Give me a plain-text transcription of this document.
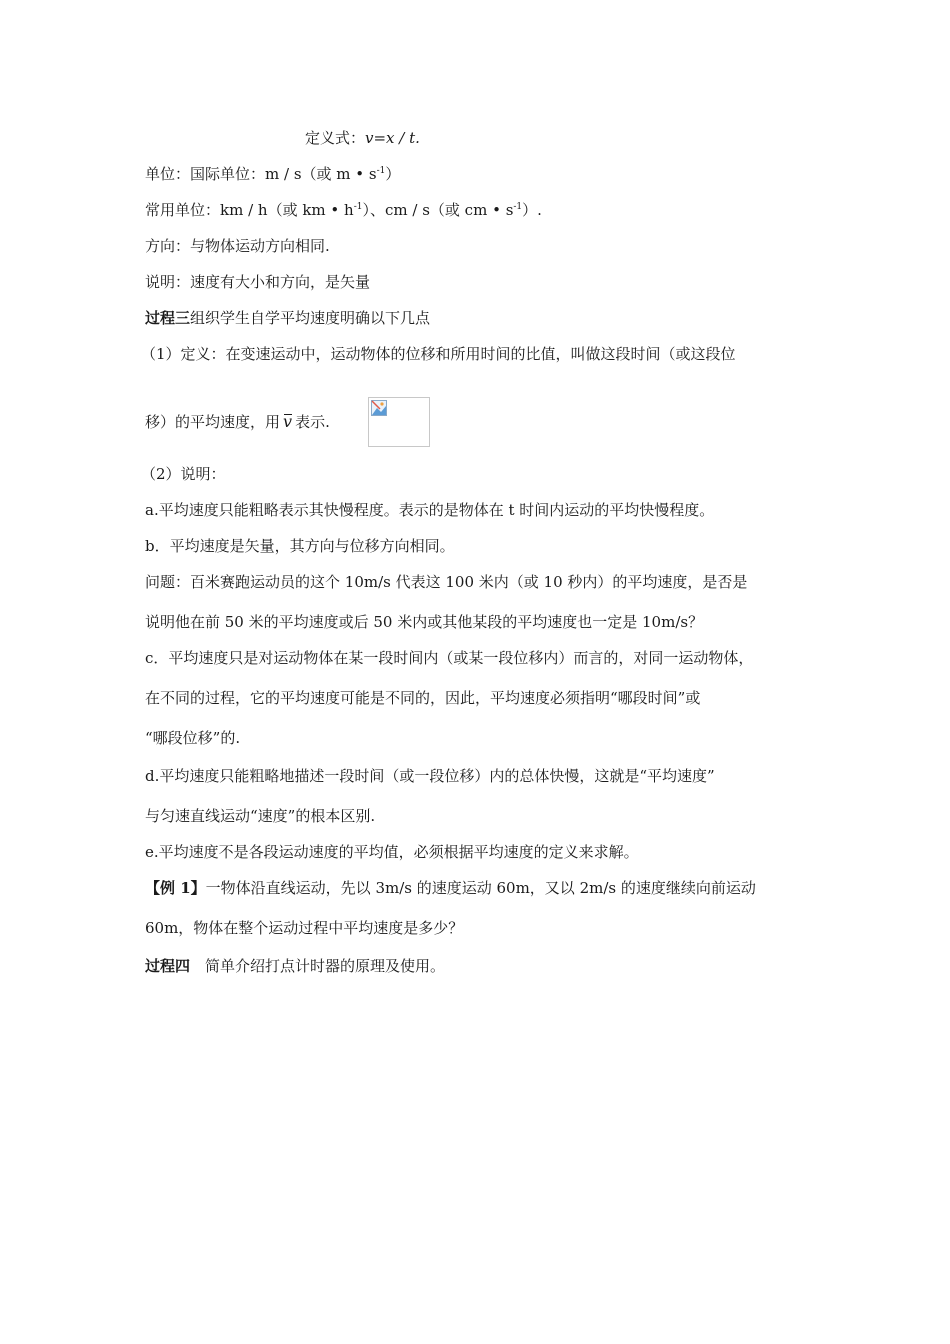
定义式：v=x / t.
单位：国际单位：m / s（或 m • $s^{-1}$）
常用单位：km / h（或 km • $h^{-1}$）、cm / s（或 cm • $s^{-1}$）.
方向：与物体运动方向相同.
说明：速度有大小和方向，是矢量
过程三组织学生自学平均速度明确以下几点
（1）定义：在变速运动中，运动物体的位移和所用时间的比值，叫做这段时间（或这段位
移）的平均速度，用 v 表示.
（2）说明：
a.平均速度只能粗略表示其快慢程度。表示的是物体在 t 时间内运动的平均快慢程度。
b．平均速度是矢量，其方向与位移方向相同。
问题：百米赛跑运动员的这个 10m/s 代表这 100 米内（或 10 秒内）的平均速度，是否是
说明他在前 50 米的平均速度或后 50 米内或其他某段的平均速度也一定是 10m/s？
c．平均速度只是对运动物体在某一段时间内（或某一段位移内）而言的，对同一运动物体，
在不同的过程，它的平均速度可能是不同的，因此，平均速度必须指明“哪段时间”或
“哪段位移”的.
d.平均速度只能粗略地描述一段时间（或一段位移）内的总体快慢，这就是“平均速度”
与匀速直线运动“速度”的根本区别.
e.平均速度不是各段运动速度的平均值，必须根据平均速度的定义来求解。
【例 1】一物体沿直线运动，先以 3m/s 的速度运动 60m，又以 2m/s 的速度继续向前运动
60m，物体在整个运动过程中平均速度是多少？
过程四　简单介绍打点计时器的原理及使用。
